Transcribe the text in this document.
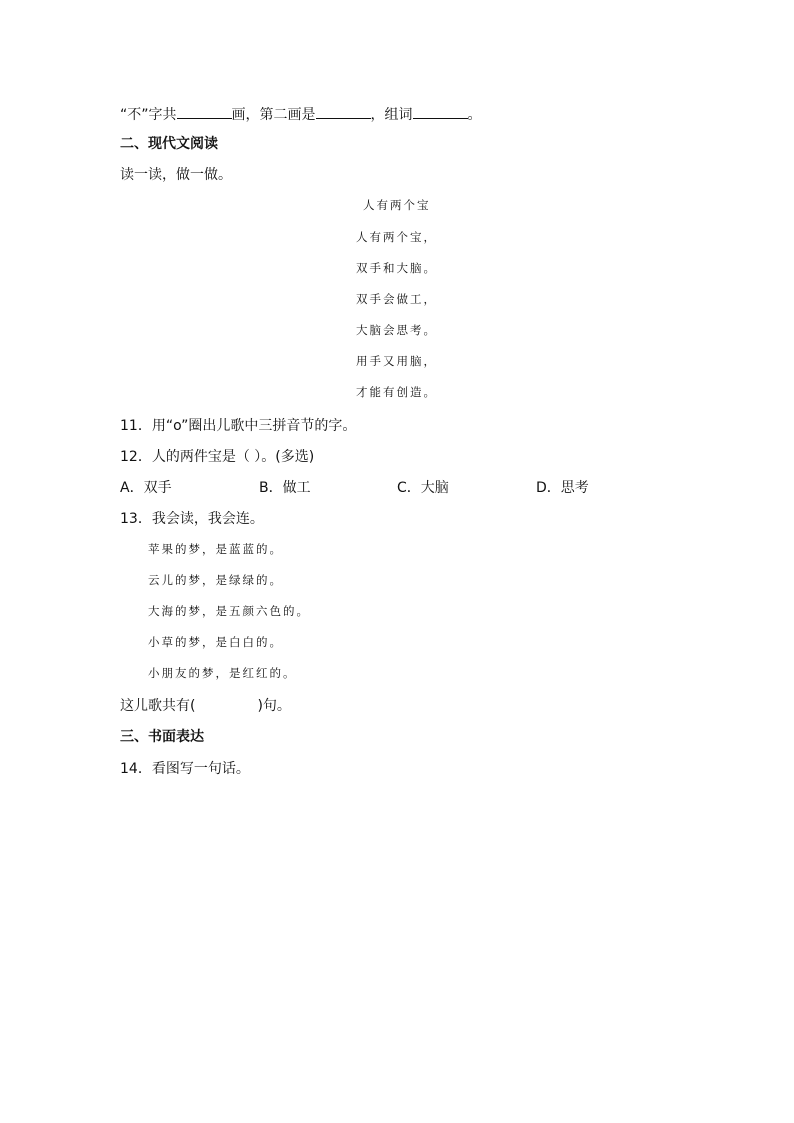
“不”字共	画，第二画是	，组词	。
二、现代文阅读
读一读，做一做。
人有两个宝
人有两个宝，
双手和大脑。
双手会做工，
大脑会思考。
用手又用脑，
才能有创造。
11．用“o”圈出儿歌中三拼音节的字。
12．人的两件宝是（ ）。(多选)
A．双手	B．做工	C．大脑	D．思考
13．我会读，我会连。
苹果的梦，是蓝蓝的。
云儿的梦，是绿绿的。
大海的梦，是五颜六色的。
小草的梦，是白白的。
小朋友的梦，是红红的。
这儿歌共有(	)句。
三、书面表达
14．看图写一句话。
